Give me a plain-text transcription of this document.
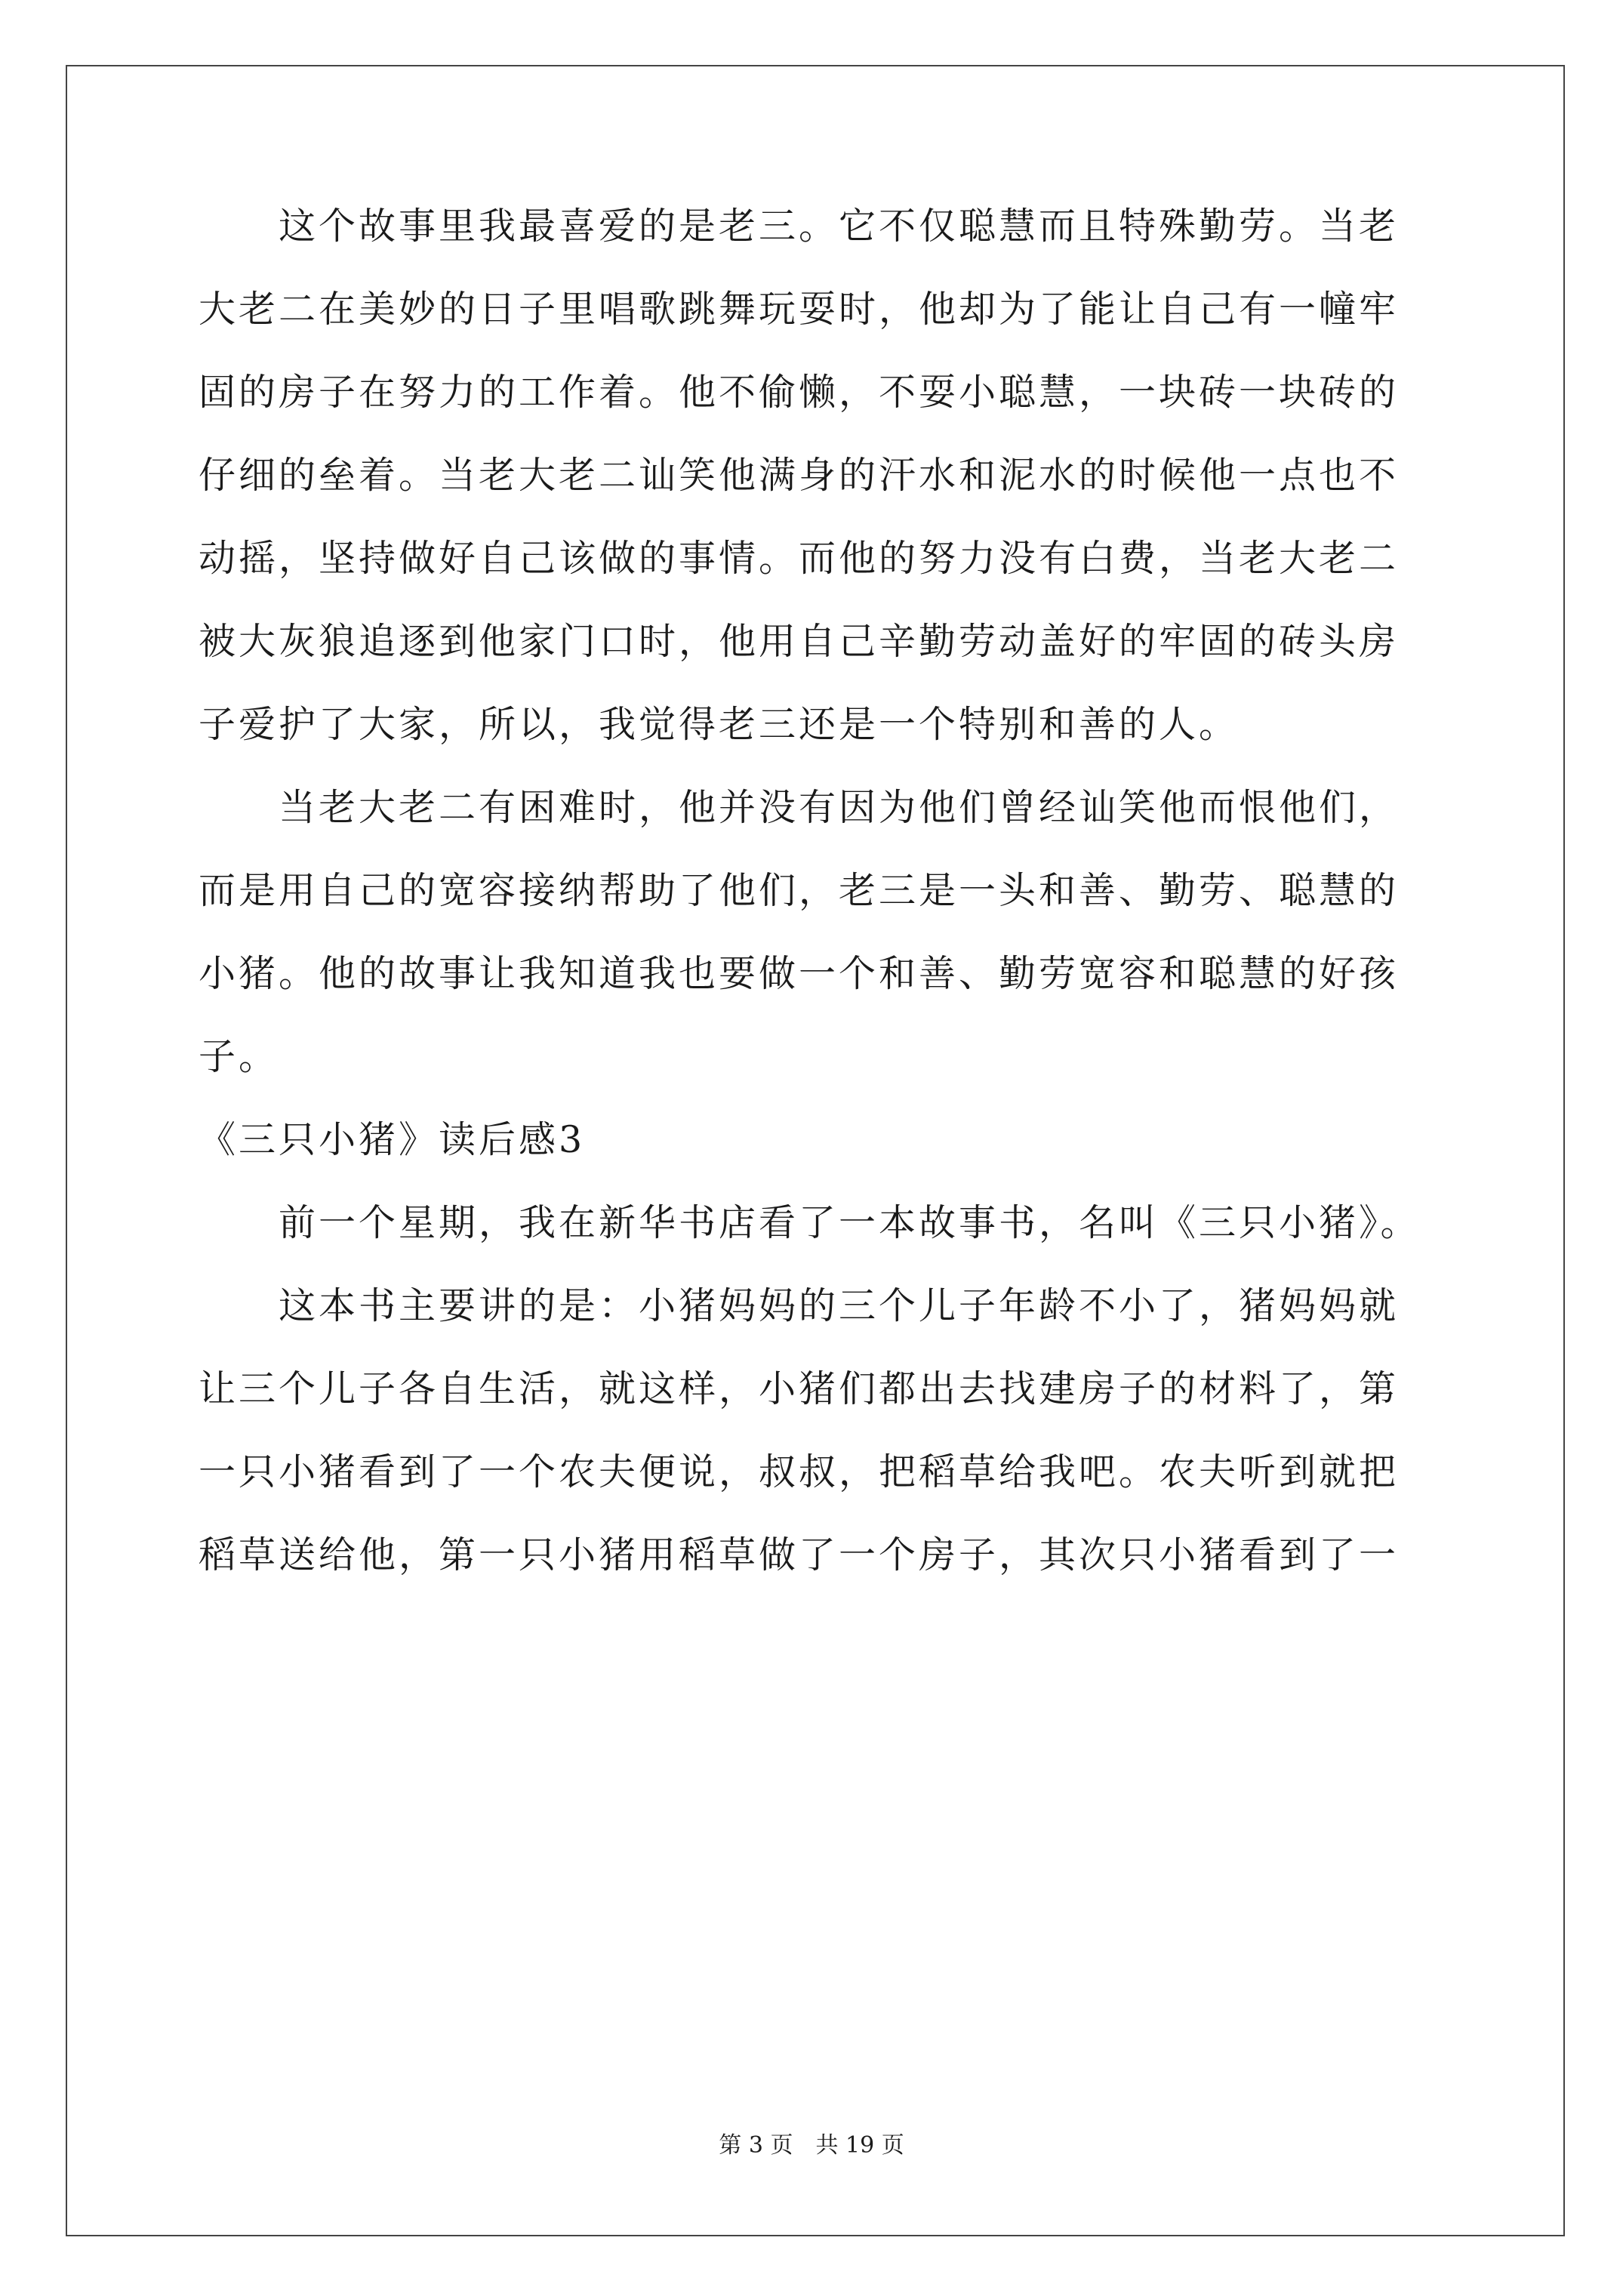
　　这个故事里我最喜爱的是老三。它不仅聪慧而且特殊勤劳。当老
大老二在美妙的日子里唱歌跳舞玩耍时，他却为了能让自己有一幢牢
固的房子在努力的工作着。他不偷懒，不耍小聪慧，一块砖一块砖的
仔细的垒着。当老大老二讪笑他满身的汗水和泥水的时候他一点也不
动摇，坚持做好自己该做的事情。而他的努力没有白费，当老大老二
被大灰狼追逐到他家门口时，他用自己辛勤劳动盖好的牢固的砖头房
子爱护了大家，所以，我觉得老三还是一个特别和善的人。
　　当老大老二有困难时，他并没有因为他们曾经讪笑他而恨他们，
而是用自己的宽容接纳帮助了他们，老三是一头和善、勤劳、聪慧的
小猪。他的故事让我知道我也要做一个和善、勤劳宽容和聪慧的好孩
子。
《三只小猪》读后感3
　　前一个星期，我在新华书店看了一本故事书，名叫《三只小猪》。
　　这本书主要讲的是：小猪妈妈的三个儿子年龄不小了，猪妈妈就
让三个儿子各自生活，就这样，小猪们都出去找建房子的材料了，第
一只小猪看到了一个农夫便说，叔叔，把稻草给我吧。农夫听到就把
稻草送给他，第一只小猪用稻草做了一个房子，其次只小猪看到了一
第 3 页　共 19 页
